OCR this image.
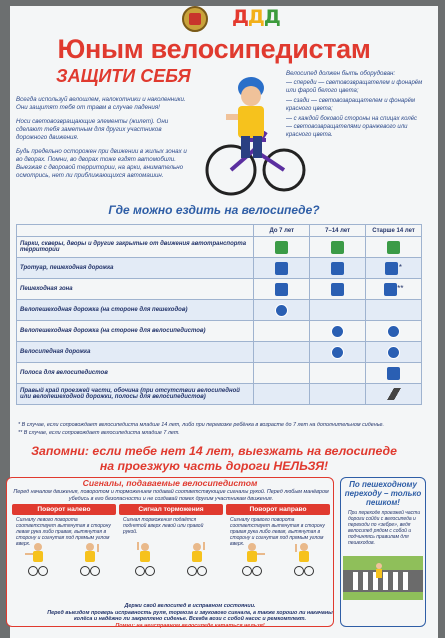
ДДД
Юным велосипедистам
ЗАЩИТИ СЕБЯ
Всегда используй велошлем, налокотники и наколенники. Они защитят тебя от травм в случае падения!
Носи световозвращающие элементы (жилет). Они сделают тебя заметным для других участников дорожного движения.
Будь предельно осторожен при движении в жилых зонах и во дворах. Помни, во дворах тоже ездят автомобили. Выезжая с дворовой территории, на арки, внимательно осмотрись, нет ли приближающихся автомашин.
Велосипед должен быть оборудован:
— спереди — световозвращателем и фонарём или фарой белого цвета;
— сзади — световозвращателем и фонарём красного цвета;
— с каждой боковой стороны на спицах колёс — световозвращателями оранжевого или красного цвета.
Где можно ездить на велосипеде?
	До 7 лет	7–14 лет	Старше 14 лет
Парки, скверы, дворы и другие закрытые от движения автотранспорта территории			
Тротуар, пешеходная дорожка			*
Пешеходная зона			**
Велопешеходная дорожка (на стороне для пешеходов)			
Велопешеходная дорожка (на стороне для велосипедистов)			
Велосипедная дорожка			
Полоса для велосипедистов			
Правый край проезжей части, обочина (при отсутствии велосипедной или велопешеходной дорожки, полосы для велосипедистов)			
* В случае, если сопровождает велосипедиста младше 14 лет, либо при перевозке ребёнка в возрасте до 7 лет на дополнительном сиденье.
** В случае, если сопровождает велосипедиста младше 7 лет.
Запомни: если тебе нет 14 лет, выезжать на велосипеде
на проезжую часть дороги НЕЛЬЗЯ!
Сигналы, подаваемые велосипедистом
Перед началом движения, поворотом и торможением подавай соответствующие сигналы рукой. Перед любым манёвром убедись в его безопасности и не создавай помех другим участникам движения.
Поворот налево
Сигналу левого поворота соответствует вытянутая в сторону левая рука либо правая, вытянутая в сторону и согнутая под прямым углом вверх.
Сигнал торможения
Сигнал торможения подаётся поднятой вверх левой или правой рукой.
Поворот направо
Сигналу правого поворота соответствует вытянутая в сторону правая рука либо левая, вытянутая в сторону и согнутая под прямым углом вверх.
По пешеходному переходу – только пешком!
При переходе проезжей части дороги сойди с велосипеда и переходи по «зебре», ведя велосипед рядом с собой и подчиняясь правилам для пешеходов.
Держи свой велосипед в исправном состоянии.
Перед выездом проверь исправность руля, тормоза и звукового сигнала, а также хорошо ли накачаны колёса и надёжно ли закреплено сиденье. Всегда вози с собой насос и ремкомплект.
Помни: на неисправном велосипеде кататься нельзя!
